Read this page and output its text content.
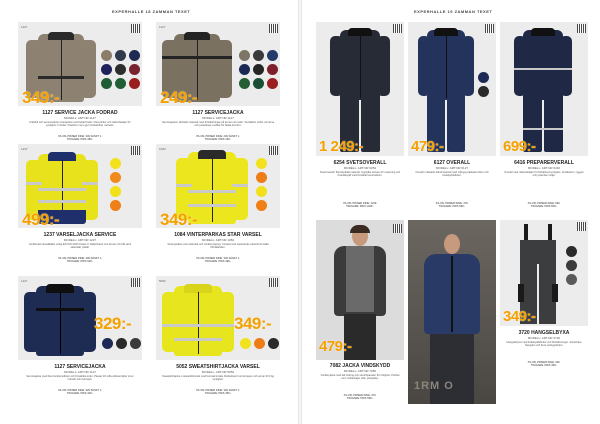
EXPERHALLE 18 ZAMMAN TEXET
1127
349:-
1127 SERVICE JACKA FODRAD
MODELL: ART.NR 1127
Kraftfull och servicevänlig vinterjacka med fodrad foder. Flera fickor och reflexdetaljer för synlighet i mörker. Passform som ger rörelsefrihet i arbetet.
XS-3XL PRISER INNE: 349 SÄNKT 1.
TIDIGARE: PRIS 499:-
1127
249:-
1127 SERVICEJACKA
MODELL: ART.NR 1127
Servicejacka i slitstarkt material med förstärkningar på ärmar och axlar. Ventilation under armarna och justerbara muddar för bästa komfort.
XS-3XL PRISER INNE: 249 SÄNKT 1.
TIDIGARE: PRIS 349:-
1237
499:-
1237 VARSELJACKA SERVICE
MODELL: ART.NR 1237
Certifierad varselkläder enligt EN ISO 20471 klass 3. Reflexband runt ärmar och bål samt vattentätt ytskikt.
XS-4XL PRISER INNE: 499 SÄNKT 1.
TIDIGARE: PRIS 649:-
1084
349:-
1084 VINTERPARKAS STAR VARSEL
MODELL: ART.NR 1084
Vinterparkas med vattentät och vindtät yttertyg. Fodrad med isolerande material för kalla förhållanden.
XS-3XL PRISER INNE: 349 SÄNKT 1.
TIDIGARE: PRIS 499:-
1127
329:-
1127 SERVICEJACKA
MODELL: ART.NR 1127
Servicejacka med flera funktionsfickor och förstärkta knän. Passar för tuffa arbetsmiljöer inom industri och hantverk.
XS-3XL PRISER INNE: 329 SÄNKT 1.
TIDIGARE: PRIS 449:-
5052
349:-
5052 SWEATSHIRTJACKA VARSEL
MODELL: ART.NR 5052
Sweatshirtjacka i varselutförande med borstad insida. Reflexband runt kroppen och armar för hög synlighet.
XS-3XL PRISER INNE: 349 SÄNKT 1.
TIDIGARE: PRIS 459:-
EXPERHALLE 19 ZAMMAN TEXET
1 249:-
6254 SVETSOVERALL
MODELL: ART.NR 6254
Svetsoverall i flamskyddat material. Uppfyller kraven för svetsning och brandskydd med förstärkt konstruktion.
XS-3XL PRISER INNE: 1249.
TIDIGARE: PRIS 1499:-
479:-
6127 OVERALL
MODELL: ART.NR 6127
Overall i slitstarkt blandmaterial med många praktiska fickor och knäskyddsfickor.
XS-3XL PRISER INNE: 479.
TIDIGARE: PRIS 599:-
699:-
6416 PREPARERVERALL
MODELL: ART.NR 6416
Overall med reflexdetaljer för förbättrad synlighet. Ventilation i ryggen och justerbar midja.
XS-3XL PRISER INNE: 699.
TIDIGARE: PRIS 849:-
479:-
7082 JACKA VINDSKYDD
MODELL: ART.NR 7082
Vindtät jacka med lätt fodring och stretchpaneler för rörlighet. Perfekt som mellanlager eller ytterjacka.
XS-3XL PRISER INNE: 479.
TIDIGARE: PRIS 599:-
1RM O
349:-
3720 HANGSELBYXA
MODELL: ART.NR 3720
Hängselbyxa med knäskyddsfickor och förstärkningar. Justerbara hängslen och flera verktygsfickor.
XS-3XL PRISER INNE: 349.
TIDIGARE: PRIS 469:-
